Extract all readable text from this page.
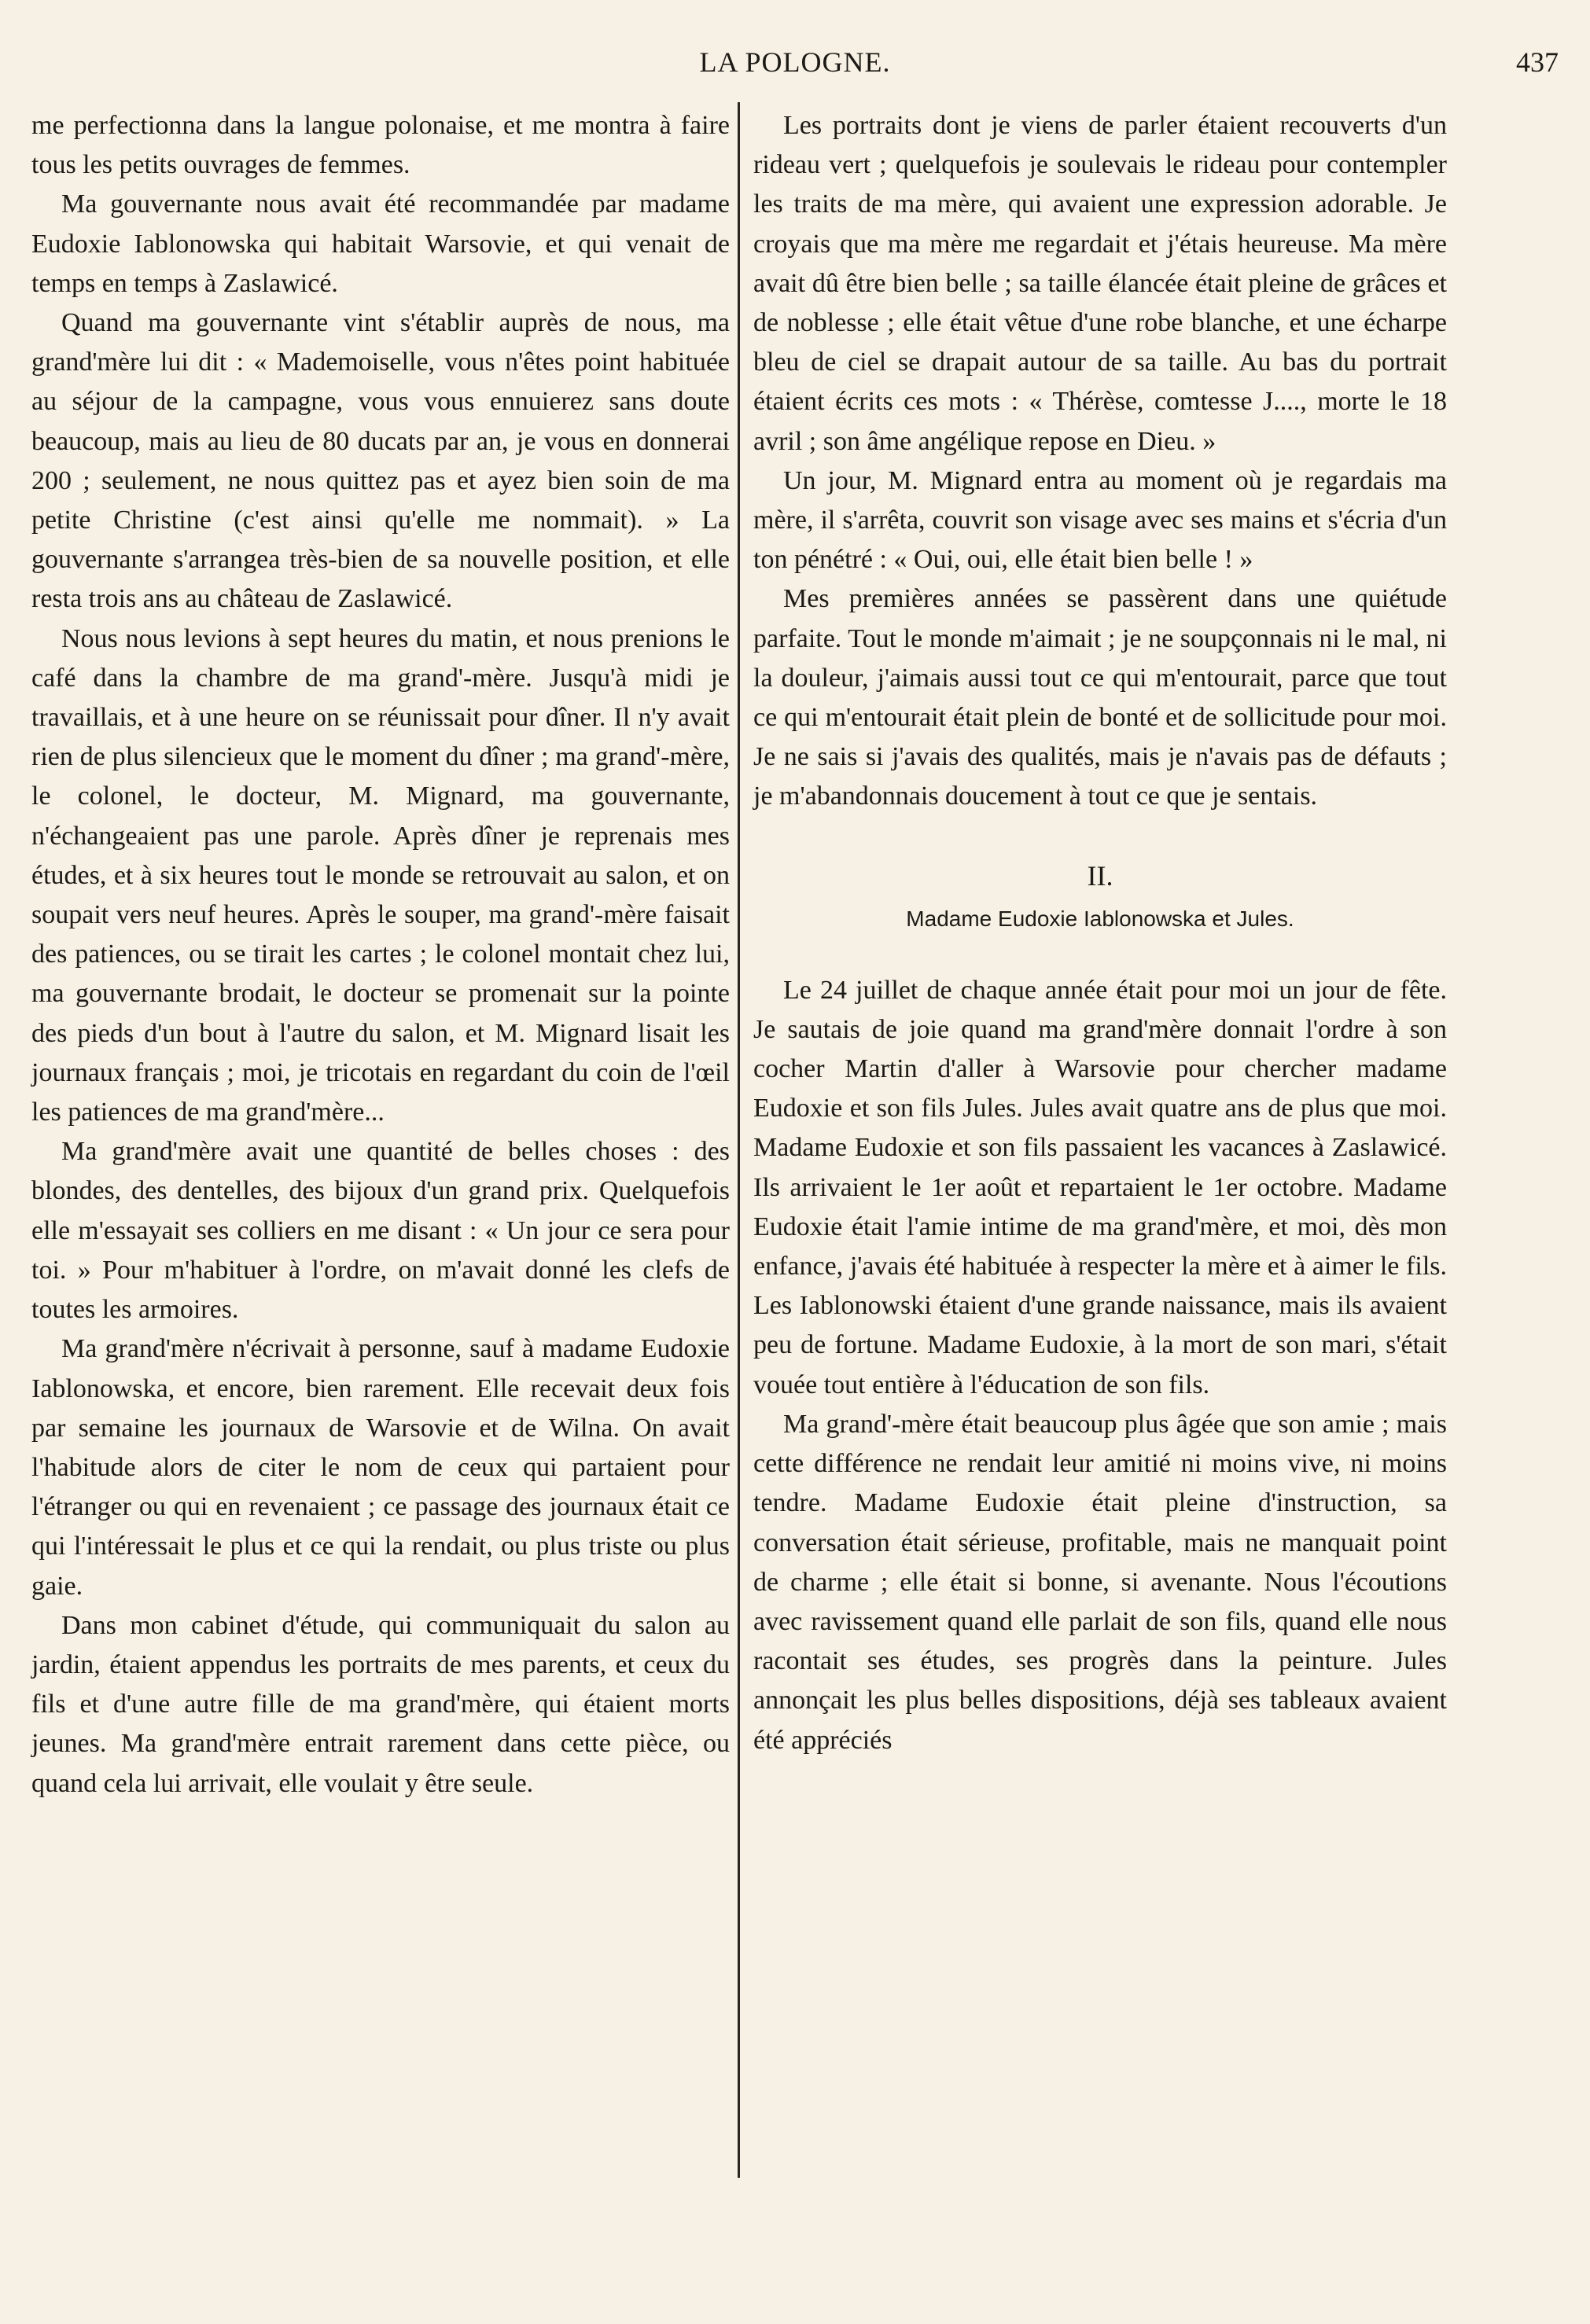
LA POLOGNE.	437

me perfectionna dans la langue polonaise, et me montra à faire tous les petits ouvrages de femmes.

Ma gouvernante nous avait été recommandée par madame Eudoxie Iablonowska qui habitait Warsovie, et qui venait de temps en temps à Zaslawicé.

Quand ma gouvernante vint s'établir auprès de nous, ma grand'mère lui dit : « Mademoiselle, vous n'êtes point habituée au séjour de la campagne, vous vous ennuierez sans doute beaucoup, mais au lieu de 80 ducats par an, je vous en donnerai 200 ; seulement, ne nous quittez pas et ayez bien soin de ma petite Christine (c'est ainsi qu'elle me nommait). » La gouvernante s'arrangea très-bien de sa nouvelle position, et elle resta trois ans au château de Zaslawicé.

Nous nous levions à sept heures du matin, et nous prenions le café dans la chambre de ma grand'-mère. Jusqu'à midi je travaillais, et à une heure on se réunissait pour dîner. Il n'y avait rien de plus silencieux que le moment du dîner ; ma grand'-mère, le colonel, le docteur, M. Mignard, ma gouvernante, n'échangeaient pas une parole. Après dîner je reprenais mes études, et à six heures tout le monde se retrouvait au salon, et on soupait vers neuf heures. Après le souper, ma grand'-mère faisait des patiences, ou se tirait les cartes ; le colonel montait chez lui, ma gouvernante brodait, le docteur se promenait sur la pointe des pieds d'un bout à l'autre du salon, et M. Mignard lisait les journaux français ; moi, je tricotais en regardant du coin de l'œil les patiences de ma grand'mère...

Ma grand'mère avait une quantité de belles choses : des blondes, des dentelles, des bijoux d'un grand prix. Quelquefois elle m'essayait ses colliers en me disant : « Un jour ce sera pour toi. » Pour m'habituer à l'ordre, on m'avait donné les clefs de toutes les armoires.

Ma grand'mère n'écrivait à personne, sauf à madame Eudoxie Iablonowska, et encore, bien rarement. Elle recevait deux fois par semaine les journaux de Warsovie et de Wilna. On avait l'habitude alors de citer le nom de ceux qui partaient pour l'étranger ou qui en revenaient ; ce passage des journaux était ce qui l'intéressait le plus et ce qui la rendait, ou plus triste ou plus gaie.

Dans mon cabinet d'étude, qui communiquait du salon au jardin, étaient appendus les portraits de mes parents, et ceux du fils et d'une autre fille de ma grand'mère, qui étaient morts jeunes. Ma grand'mère entrait rarement dans cette pièce, ou quand cela lui arrivait, elle voulait y être seule.

Les portraits dont je viens de parler étaient recouverts d'un rideau vert ; quelquefois je soulevais le rideau pour contempler les traits de ma mère, qui avaient une expression adorable. Je croyais que ma mère me regardait et j'étais heureuse. Ma mère avait dû être bien belle ; sa taille élancée était pleine de grâces et de noblesse ; elle était vêtue d'une robe blanche, et une écharpe bleu de ciel se drapait autour de sa taille. Au bas du portrait étaient écrits ces mots : « Thérèse, comtesse J...., morte le 18 avril ; son âme angélique repose en Dieu. »

Un jour, M. Mignard entra au moment où je regardais ma mère, il s'arrêta, couvrit son visage avec ses mains et s'écria d'un ton pénétré : « Oui, oui, elle était bien belle ! »

Mes premières années se passèrent dans une quiétude parfaite. Tout le monde m'aimait ; je ne soupçonnais ni le mal, ni la douleur, j'aimais aussi tout ce qui m'entourait, parce que tout ce qui m'entourait était plein de bonté et de sollicitude pour moi. Je ne sais si j'avais des qualités, mais je n'avais pas de défauts ; je m'abandonnais doucement à tout ce que je sentais.

II.
Madame Eudoxie Iablonowska et Jules.

Le 24 juillet de chaque année était pour moi un jour de fête. Je sautais de joie quand ma grand'mère donnait l'ordre à son cocher Martin d'aller à Warsovie pour chercher madame Eudoxie et son fils Jules. Jules avait quatre ans de plus que moi. Madame Eudoxie et son fils passaient les vacances à Zaslawicé. Ils arrivaient le 1er août et repartaient le 1er octobre. Madame Eudoxie était l'amie intime de ma grand'mère, et moi, dès mon enfance, j'avais été habituée à respecter la mère et à aimer le fils. Les Iablonowski étaient d'une grande naissance, mais ils avaient peu de fortune. Madame Eudoxie, à la mort de son mari, s'était vouée tout entière à l'éducation de son fils.

Ma grand'-mère était beaucoup plus âgée que son amie ; mais cette différence ne rendait leur amitié ni moins vive, ni moins tendre. Madame Eudoxie était pleine d'instruction, sa conversation était sérieuse, profitable, mais ne manquait point de charme ; elle était si bonne, si avenante. Nous l'écoutions avec ravissement quand elle parlait de son fils, quand elle nous racontait ses études, ses progrès dans la peinture. Jules annonçait les plus belles dispositions, déjà ses tableaux avaient été appréciés
